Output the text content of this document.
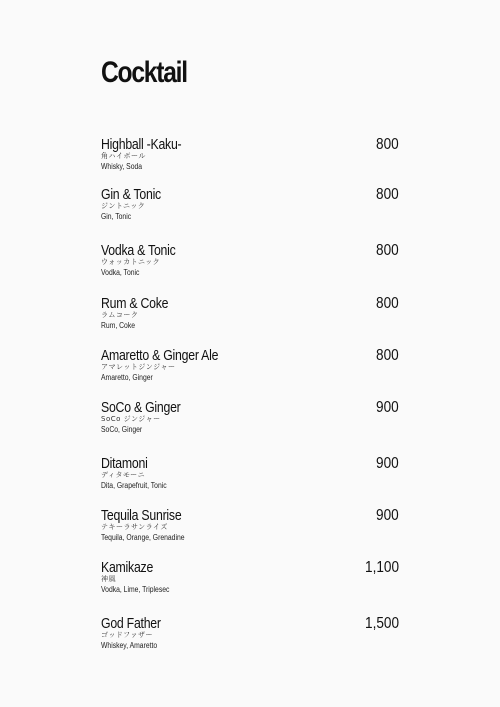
Cocktail
Highball -Kaku-
角ハイボール
Whisky, Soda
800
Gin & Tonic
ジントニック
Gin, Tonic
800
Vodka & Tonic
ウォッカトニック
Vodka, Tonic
800
Rum & Coke
ラムコーク
Rum, Coke
800
Amaretto & Ginger Ale
アマレットジンジャー
Amaretto, Ginger
800
SoCo & Ginger
SoCo ジンジャー
SoCo, Ginger
900
Ditamoni
ディタモーニ
Dita, Grapefruit, Tonic
900
Tequila Sunrise
テキーラサンライズ
Tequila, Orange, Grenadine
900
Kamikaze
神風
Vodka, Lime, Triplesec
1,100
God Father
ゴッドファザー
Whiskey, Amaretto
1,500
